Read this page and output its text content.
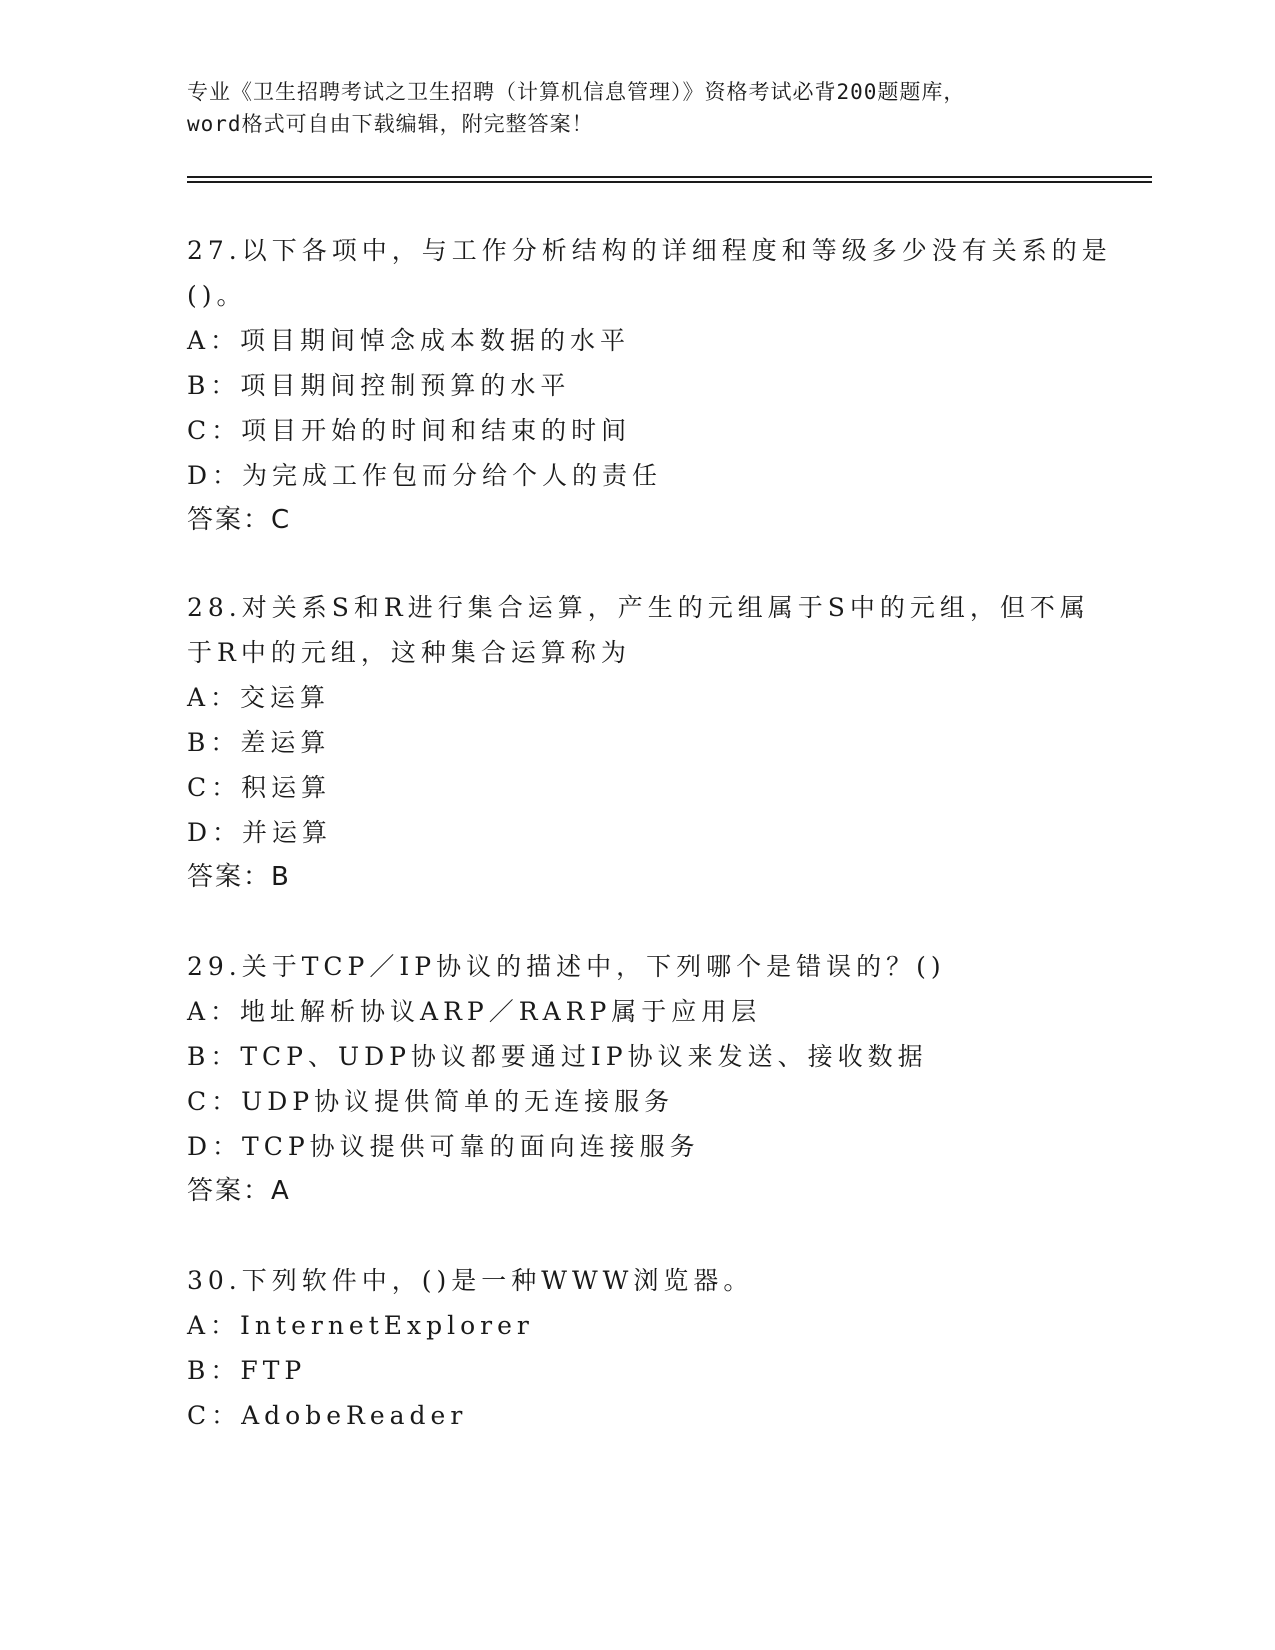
专业《卫生招聘考试之卫生招聘（计算机信息管理）》资格考试必背200题题库，
word格式可自由下载编辑，附完整答案！
27.以下各项中，与工作分析结构的详细程度和等级多少没有关系的是
()。
A：项目期间悼念成本数据的水平
B：项目期间控制预算的水平
C：项目开始的时间和结束的时间
D：为完成工作包而分给个人的责任
答案：C
28.对关系S和R进行集合运算，产生的元组属于S中的元组，但不属
于R中的元组，这种集合运算称为
A：交运算
B：差运算
C：积运算
D：并运算
答案：B
29.关于TCP／IP协议的描述中，下列哪个是错误的？()
A：地址解析协议ARP／RARP属于应用层
B：TCP、UDP协议都要通过IP协议来发送、接收数据
C：UDP协议提供简单的无连接服务
D：TCP协议提供可靠的面向连接服务
答案：A
30.下列软件中，()是一种WWW浏览器。
A：InternetExplorer
B：FTP
C：AdobeReader
